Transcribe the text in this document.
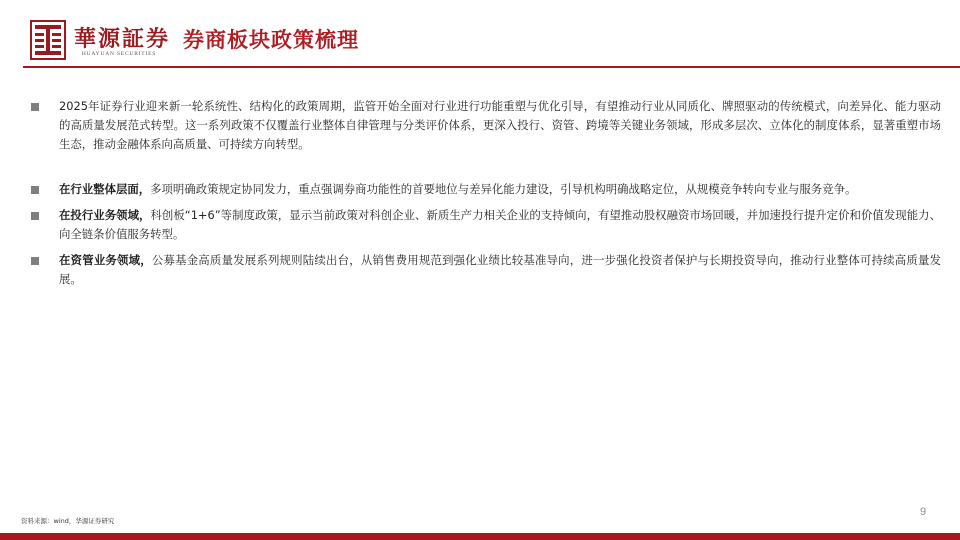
華源証券
HUAYUAN SECURITIES
券商板块政策梳理
2025年证券行业迎来新一轮系统性、结构化的政策周期，监管开始全面对行业进行功能重塑与优化引导，有望推动行业从同质化、牌照驱动的传统模式，向差异化、能力驱动的高质量发展范式转型。这一系列政策不仅覆盖行业整体自律管理与分类评价体系，更深入投行、资管、跨境等关键业务领域，形成多层次、立体化的制度体系，显著重塑市场生态，推动金融体系向高质量、可持续方向转型。
在行业整体层面，多项明确政策规定协同发力，重点强调券商功能性的首要地位与差异化能力建设，引导机构明确战略定位，从规模竞争转向专业与服务竞争。
在投行业务领域，科创板“1+6”等制度政策，显示当前政策对科创企业、新质生产力相关企业的支持倾向，有望推动股权融资市场回暖，并加速投行提升定价和价值发现能力、向全链条价值服务转型。
在资管业务领域，公募基金高质量发展系列规则陆续出台，从销售费用规范到强化业绩比较基准导向，进一步强化投资者保护与长期投资导向，推动行业整体可持续高质量发展。
9
资料来源：wind，华源证券研究
